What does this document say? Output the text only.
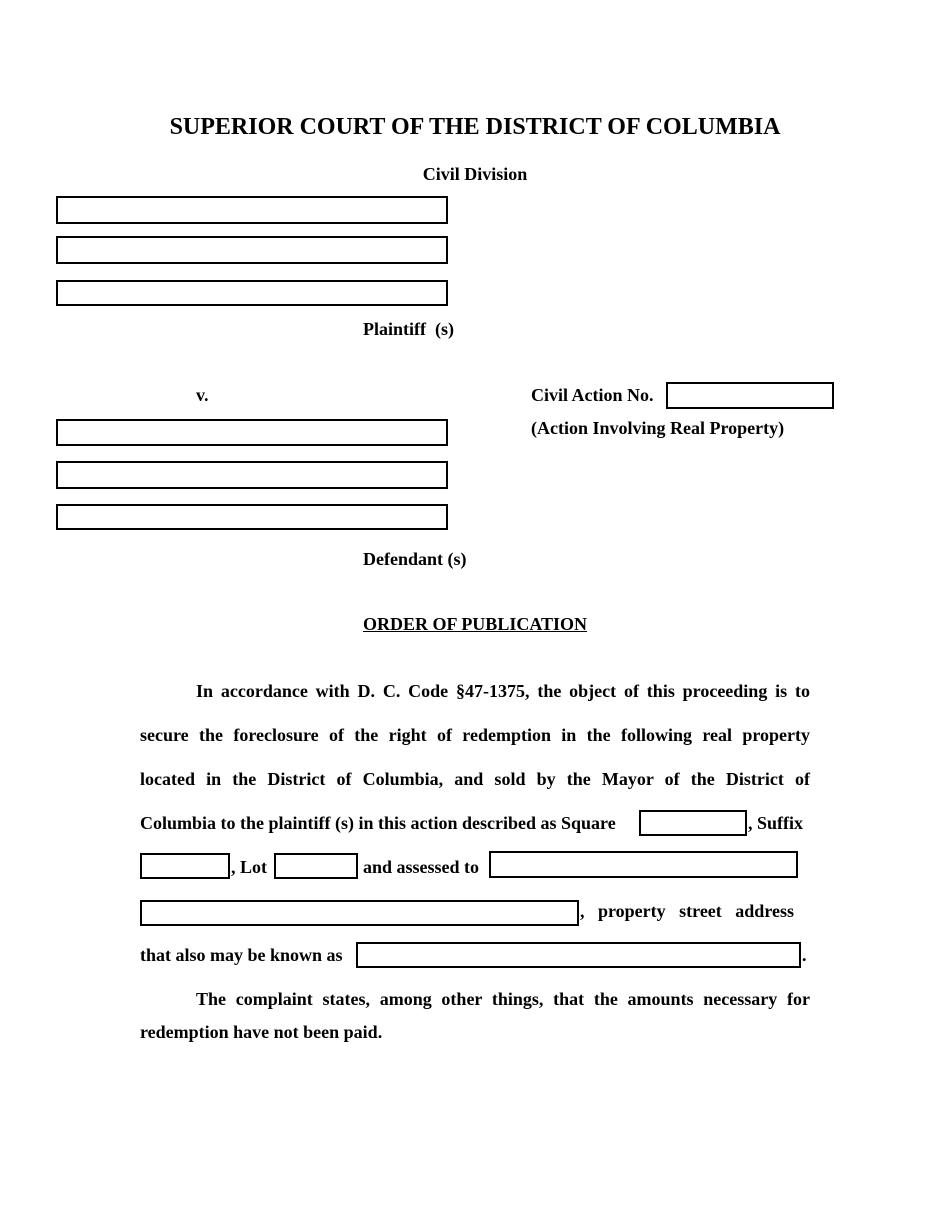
SUPERIOR COURT OF THE DISTRICT OF COLUMBIA
Civil Division
Plaintiff  (s)
v.	Civil Action No.
(Action Involving Real Property)
Defendant (s)
ORDER OF PUBLICATION
In accordance with D. C. Code §47-1375, the object of this proceeding is to
secure the foreclosure of the right of redemption in the following real property
located in the District of Columbia, and sold by the Mayor of the District of
Columbia to the plaintiff (s) in this action described as Square	, Suffix
, Lot	and assessed to
,   property   street   address
that also may be known as	.
The complaint states, among other things, that the amounts necessary for
redemption have not been paid.
